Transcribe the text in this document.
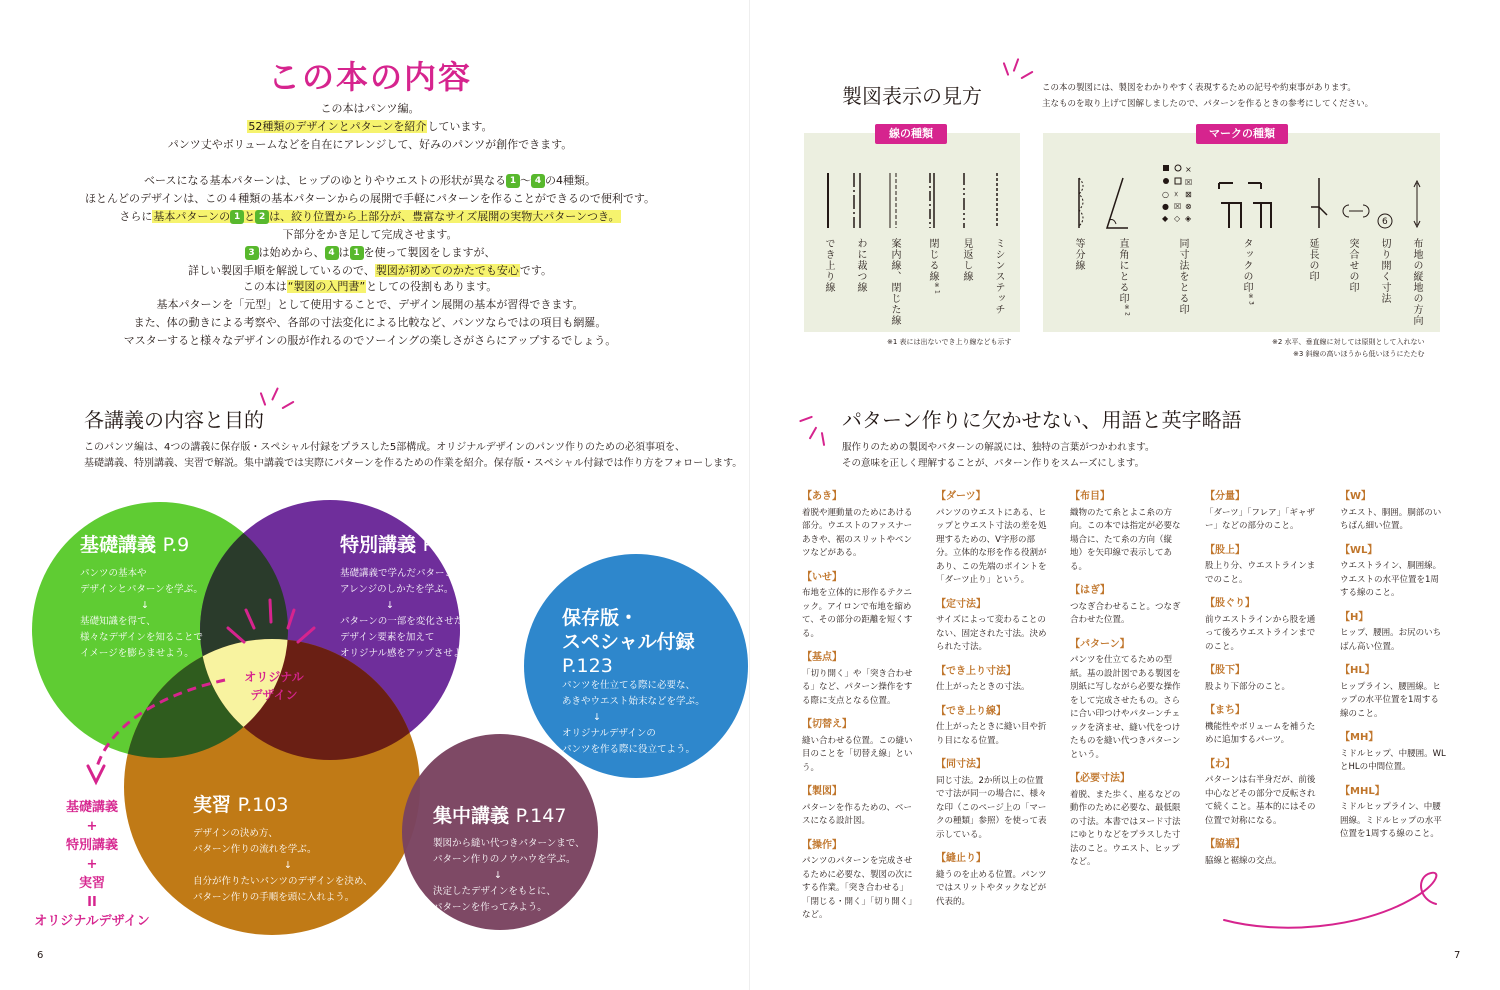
この本の内容

この本はパンツ編。

52種類のデザインとパターンを紹介しています。

パンツ丈やボリュームなどを自在にアレンジして、好みのパンツが創作できます。

ベースになる基本パターンは、ヒップのゆとりやウエストの形状が異なる 1 〜 4 の4種類。

ほとんどのデザインは、この４種類の基本パターンからの展開で手軽にパターンを作ることができるので便利です。

さらに基本パターンの 1 と 2 は、絞り位置から上部分が、豊富なサイズ展開の実物大パターンつき。

下部分をかき足して完成させます。

3 は始めから、 4 は 1 を使って製図をしますが、

詳しい製図手順を解説しているので、製図が初めてのかたでも安心です。

この本は“製図の入門書”としての役割もあります。

基本パターンを「元型」として使用することで、デザイン展開の基本が習得できます。

また、体の動きによる考察や、各部の寸法変化による比較など、パンツならではの項目も網羅。

マスターすると様々なデザインの服が作れるのでソーイングの楽しさがさらにアップするでしょう。

各講義の内容と目的

このパンツ編は、4つの講義に保存版・スペシャル付録をプラスした5部構成。オリジナルデザインのパンツ作りのための必須事項を、

基礎講義、特別講義、実習で解説。集中講義では実際にパターンを作るための作業を紹介。保存版・スペシャル付録では作り方をフォローします。

基礎講義 P.9
パンツの基本や
デザインとパターンを学ぶ。
↓
基礎知識を得て、
様々なデザインを知ることで
イメージを膨らませよう。
特別講義 P.75
基礎講義で学んだパターンをもとに、
アレンジのしかたを学ぶ。
↓
パターンの一部を変化させたり、
デザイン要素を加えて
オリジナル感をアップさせよう。
オリジナル
デザイン
実習 P.103
デザインの決め方、
パターン作りの流れを学ぶ。
↓
自分が作りたいパンツのデザインを決め、
パターン作りの手順を頭に入れよう。
保存版・
スペシャル付録
P.123
パンツを仕立てる際に必要な、
あきやウエスト始末などを学ぶ。
↓
オリジナルデザインの
パンツを作る際に役立てよう。
集中講義 P.147
製図から縫い代つきパターンまで、
パターン作りのノウハウを学ぶ。
↓
決定したデザインをもとに、
パターンを作ってみよう。
基礎講義
+
特別講義
+
実習
II
オリジナルデザイン
6
製図表示の見方	この本の製図には、製図をわかりやすく表現するための記号や約束事があります。

主なものを取り上げて図解しましたので、パターンを作るときの参考にしてください。

線の種類
×
☒
○ ☓ ⊠
● ☒ ⊗
◆ ◇ ◈	6
マークの種類
でき上り線 わに裁つ線 案内線、閉じた線	閉じる線$^{※1}$
見返し線 ミシンステッチ	等分線	直角にとる印$^{※2}$	同寸法をとる印	タックの印$^{※3}$
延長の印	突合せの印 切り開く寸法 布地の縦地の方向
※1 表には出ないでき上り線なども示す	※2 水平、垂直線に対しては原則として入れない
※3 斜線の高いほうから低いほうにたたむ
パターン作りに欠かせない、用語と英字略語

服作りのための製図やパターンの解説には、独特の言葉がつかわれます。

その意味を正しく理解することが、パターン作りをスムーズにします。

【あき】
着脱や運動量のためにあける部分。ウエストのファスナーあきや、裾のスリットやベンツなどがある。
【いせ】
布地を立体的に形作るテクニック。アイロンで布地を縮めて、その部分の距離を短くする。
【基点】
「切り開く」や「突き合わせる」など、パターン操作をする際に支点となる位置。
【切替え】
縫い合わせる位置。この縫い目のことを「切替え線」という。
【製図】
パターンを作るための、ベースになる設計図。
【操作】
パンツのパターンを完成させるために必要な、製図の次にする作業。「突き合わせる」「閉じる・開く」「切り開く」など。
【ダーツ】
パンツのウエストにある、ヒップとウエスト寸法の差を処理するための、V字形の部分。立体的な形を作る役割があり、この先端のポイントを「ダーツ止り」という。
【定寸法】
サイズによって変わることのない、固定された寸法。決められた寸法。
【でき上り寸法】
仕上がったときの寸法。
【でき上り線】
仕上がったときに縫い目や折り目になる位置。
【同寸法】
同じ寸法。2か所以上の位置で寸法が同一の場合に、様々な印（このページ上の「マークの種類」参照）を使って表示している。
【縫止り】
縫うのを止める位置。パンツではスリットやタックなどが代表的。
【布目】
織物のたて糸とよこ糸の方向。この本では指定が必要な場合に、たて糸の方向（縦地）を矢印線で表示してある。
【はぎ】
つなぎ合わせること。つなぎ合わせた位置。
【パターン】
パンツを仕立てるための型紙。基の設計図である製図を別紙に写しながら必要な操作をして完成させたもの。さらに合い印つけやパターンチェックを済ませ、縫い代をつけたものを縫い代つきパターンという。
【必要寸法】
着脱、また歩く、座るなどの動作のために必要な、最低限の寸法。本書ではヌード寸法にゆとりなどをプラスした寸法のこと。ウエスト、ヒップなど。
【分量】
「ダーツ」「フレア」「ギャザー」などの部分のこと。
【股上】
股上り分、ウエストラインまでのこと。
【股ぐり】
前ウエストラインから股を通って後ろウエストラインまでのこと。
【股下】
股より下部分のこと。
【まち】
機能性やボリュームを補うために追加するパーツ。
【わ】
パターンは右半身だが、前後中心などその部分で反転されて続くこと。基本的にはその位置で対称になる。
【脇裾】
脇線と裾線の交点。
【W】
ウエスト、胴囲。胴部のいちばん細い位置。
【WL】
ウエストライン、胴囲線。ウエストの水平位置を1周する線のこと。
【H】
ヒップ、腰囲。お尻のいちばん高い位置。
【HL】
ヒップライン、腰囲線。ヒップの水平位置を1周する線のこと。
【MH】
ミドルヒップ、中腰囲。WLとHLの中間位置。
【MHL】
ミドルヒップライン、中腰囲線。ミドルヒップの水平位置を1周する線のこと。
7
